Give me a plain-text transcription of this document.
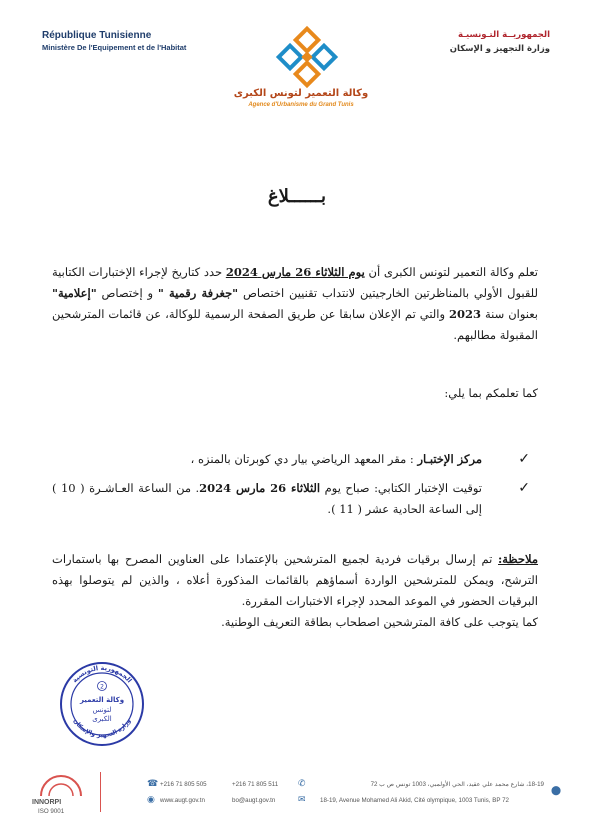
République Tunisienne
Ministère De l'Equipement et de l'Habitat
الجمهوريــة التـونسيـة
وزارة التجهيز و الإسكان
وكالة التعمير لتونس الكبرى
Agence d'Urbanisme du Grand Tunis
بــــــلاغ

تعلم وكالة التعمير لتونس الكبرى أن يوم الثلاثاء 26 مارس 2024 حدد كتاريخ لإجراء الإختبارات الكتابية للقبول الأولي بالمناظرتين الخارجيتين لانتداب تقنيين اختصاص "جغرفة رقمية " و إختصاص "إعلامية" بعنوان سنة 2023 والتي تم الإعلان سابقا عن طريق الصفحة الرسمية للوكالة، عن قائمات المترشحين المقبولة مطالبهم.

كما تعلمكم بما يلي:

✓
مركز الإختبـار : مقر المعهد الرياضي بيار دي كوبرتان بالمنزه ،
✓
توقيت الإختبار الكتابي: صباح يوم الثلاثاء 26 مارس 2024. من الساعة العـاشـرة ( 10 ) إلى الساعة الحادية عشر ( 11 ).

ملاحظة: تم إرسال برقيات فردية لجميع المترشحين بالإعتمادا على العناوين المصرح بها باستمارات الترشح، ويمكن للمترشحين الواردة أسماؤهم بالقائمات المذكورة أعلاه ، والذين لم يتوصلوا بهذه البرقيات الحضور في الموعد المحدد لإجراء الاختبارات المقررة.

كما يتوجب على كافة المترشحين اصطحاب بطاقة التعريف الوطنية.

الجمهورية التونسية
وزارة التجهيز والإسكان
2
وكالة التعمير
لتونس
الكبرى
INNORPI
ISO 9001
☎ +216 71 805 505
◉ www.augt.gov.tn
✆
+216 71 805 511
✉
bo@augt.gov.tn
18-19، شارع محمد علي عقيد، الحي الأولمبي، 1003 تونس ص ب 72
18-19, Avenue Mohamed Ali Akid, Cité olympique, 1003 Tunis, BP 72
⬤
